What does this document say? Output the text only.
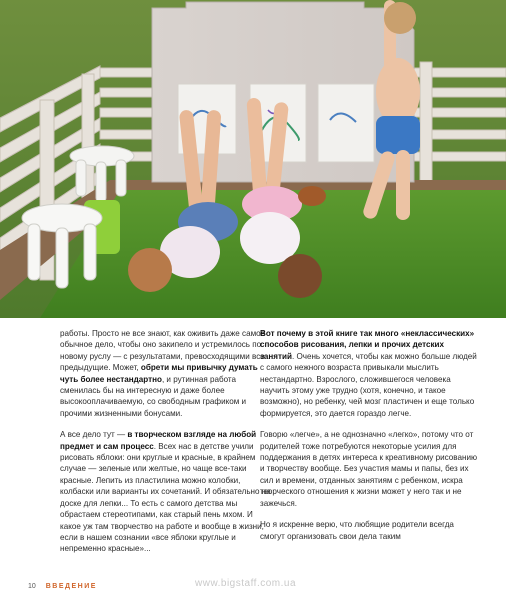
работы. Просто не все знают, как оживить даже самое обычное дело, чтобы оно закипело и устремилось по новому руслу — с результатами, превосходящими все предыдущие. Может, обрети мы привычку думать чуть более нестандартно, и рутинная работа сменилась бы на интересную и даже более высокооплачиваемую, со свободным графиком и прочими жизненными бонусами.

А все дело тут — в творческом взгляде на любой предмет и сам процесс. Всех нас в детстве учили рисовать яблоки: они круглые и красные, в крайнем случае — зеленые или желтые, но чаще все-таки красные. Лепить из пластилина можно колобки, колбаски или варианты их сочетаний. И обязательно на доске для лепки... То есть с самого детства мы обрастаем стереотипами, как старый пень мхом. И какое уж там творчество на работе и вообще в жизни, если в нашем сознании «все яблоки круглые и непременно красные»...

Вот почему в этой книге так много «неклассических» способов рисования, лепки и прочих детских занятий. Очень хочется, чтобы как можно больше людей с самого нежного возраста привыкали мыслить нестандартно. Взрослого, сложившегося человека научить этому уже трудно (хотя, конечно, и такое возможно), но ребенку, чей мозг пластичен и еще только формируется, это дается гораздо легче.

Говорю «легче», а не однозначно «легко», потому что от родителей тоже потребуются некоторые усилия для поддержания в детях интереса к креативному рисованию и творчеству вообще. Без участия мамы и папы, без их сил и времени, отданных занятиям с ребенком, искра творческого отношения к жизни может у него так и не зажечься.

Но я искренне верю, что любящие родители всегда смогут организовать свои дела таким

10 ВВЕДЕНИЕ	www.bigstaff.com.ua
